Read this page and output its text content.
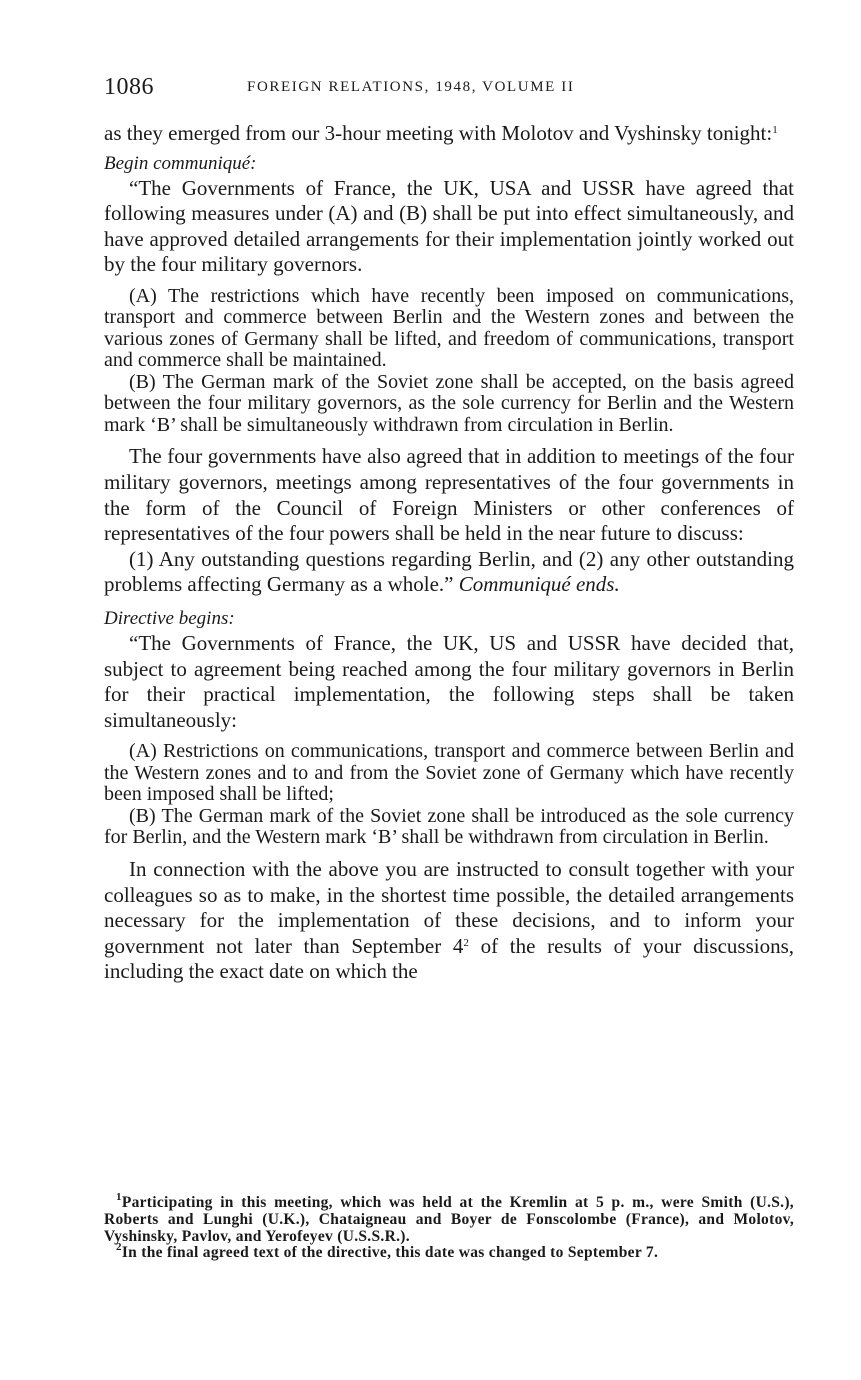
1086	FOREIGN RELATIONS, 1948, VOLUME II

as they emerged from our 3-hour meeting with Molotov and Vyshinsky tonight:$^1$

Begin communiqué:

“The Governments of France, the UK, USA and USSR have agreed that following measures under (A) and (B) shall be put into effect simultaneously, and have approved detailed arrangements for their implementation jointly worked out by the four military governors.

(A) The restrictions which have recently been imposed on communications, transport and commerce between Berlin and the Western zones and between the various zones of Germany shall be lifted, and freedom of communications, transport and commerce shall be maintained.

(B) The German mark of the Soviet zone shall be accepted, on the basis agreed between the four military governors, as the sole currency for Berlin and the Western mark ‘B’ shall be simultaneously withdrawn from circulation in Berlin.

The four governments have also agreed that in addition to meetings of the four military governors, meetings among representatives of the four governments in the form of the Council of Foreign Ministers or other conferences of representatives of the four powers shall be held in the near future to discuss:

(1) Any outstanding questions regarding Berlin, and (2) any other outstanding problems affecting Germany as a whole.” Communiqué ends.

Directive begins:

“The Governments of France, the UK, US and USSR have decided that, subject to agreement being reached among the four military governors in Berlin for their practical implementation, the following steps shall be taken simultaneously:

(A) Restrictions on communications, transport and commerce between Berlin and the Western zones and to and from the Soviet zone of Germany which have recently been imposed shall be lifted;

(B) The German mark of the Soviet zone shall be introduced as the sole currency for Berlin, and the Western mark ‘B’ shall be withdrawn from circulation in Berlin.

In connection with the above you are instructed to consult together with your colleagues so as to make, in the shortest time possible, the detailed arrangements necessary for the implementation of these decisions, and to inform your government not later than September $4^2$ of the results of your discussions, including the exact date on which the

$^1$Participating in this meeting, which was held at the Kremlin at 5 p. m., were Smith (U.S.), Roberts and Lunghi (U.K.), Chataigneau and Boyer de Fonscolombe (France), and Molotov, Vyshinsky, Pavlov, and Yerofeyev (U.S.S.R.).

$^2$In the final agreed text of the directive, this date was changed to September 7.
